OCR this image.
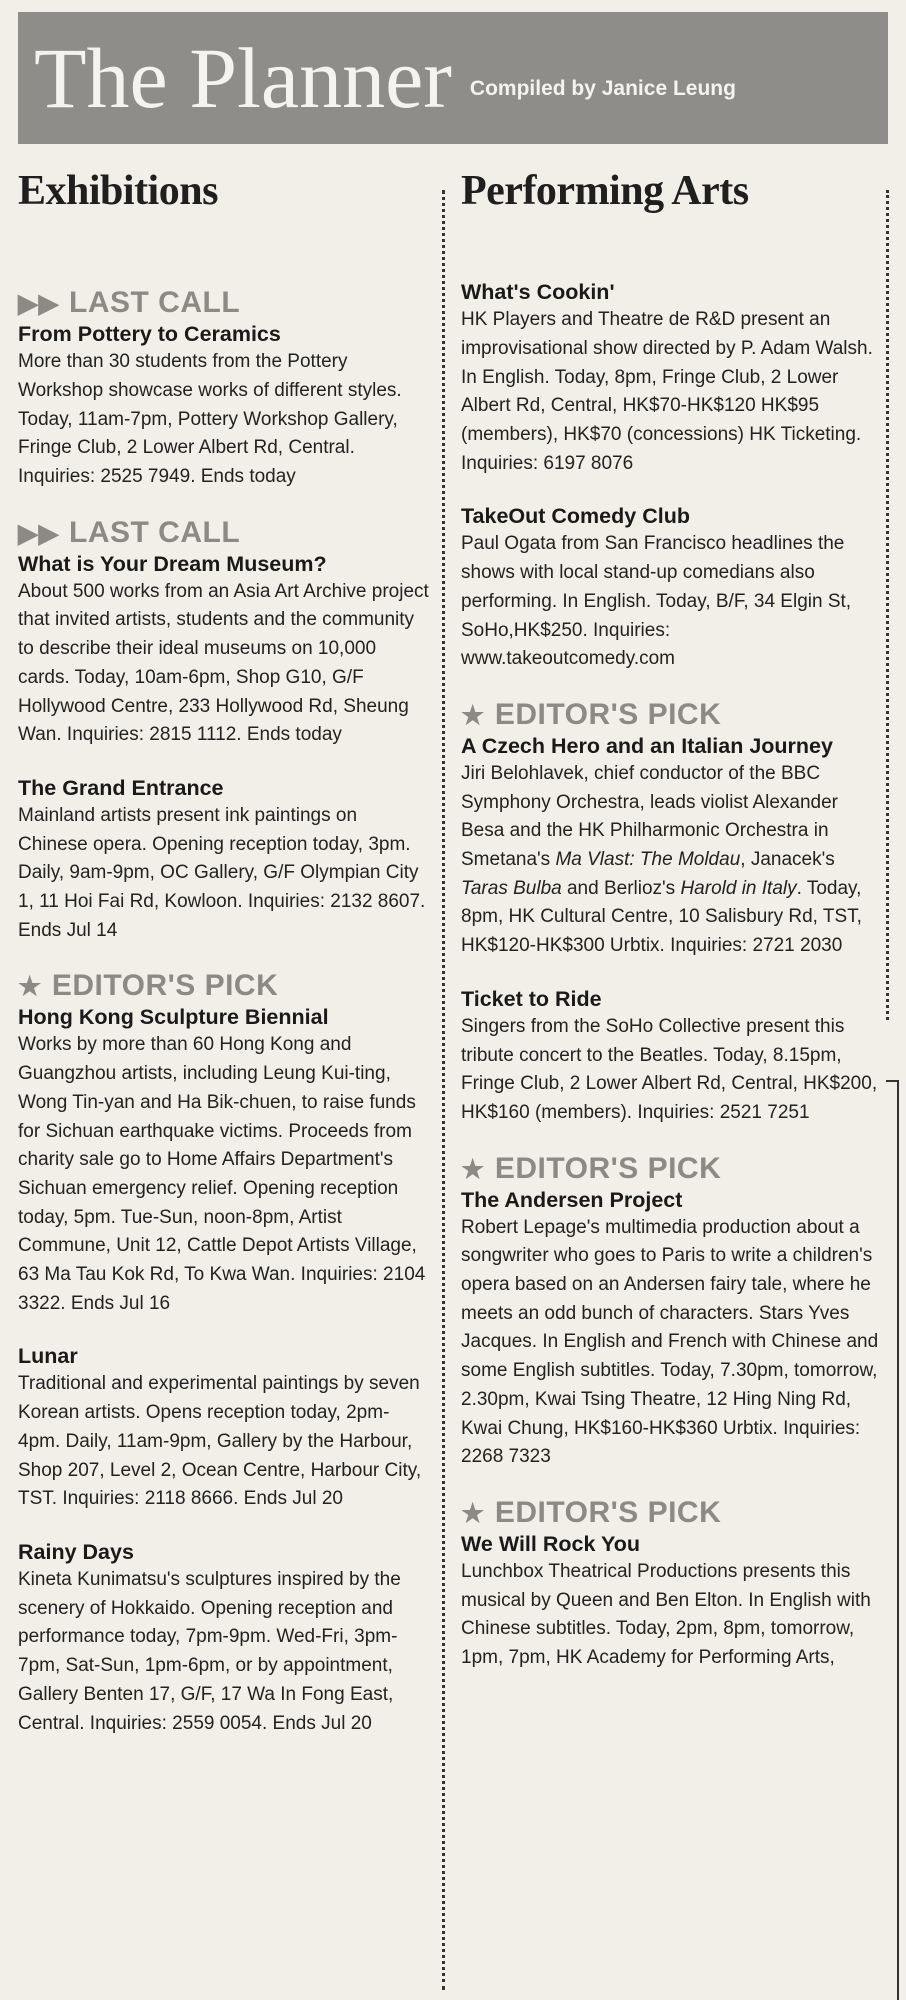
The Planner Compiled by Janice Leung
Exhibitions
▶▶ LAST CALL
From Pottery to Ceramics
More than 30 students from the Pottery Workshop showcase works of different styles. Today, 11am-7pm, Pottery Workshop Gallery, Fringe Club, 2 Lower Albert Rd, Central. Inquiries: 2525 7949. Ends today
▶▶ LAST CALL
What is Your Dream Museum?
About 500 works from an Asia Art Archive project that invited artists, students and the community to describe their ideal museums on 10,000 cards. Today, 10am-6pm, Shop G10, G/F Hollywood Centre, 233 Hollywood Rd, Sheung Wan. Inquiries: 2815 1112. Ends today
The Grand Entrance
Mainland artists present ink paintings on Chinese opera. Opening reception today, 3pm. Daily, 9am-9pm, OC Gallery, G/F Olympian City 1, 11 Hoi Fai Rd, Kowloon. Inquiries: 2132 8607. Ends Jul 14
★ EDITOR'S PICK
Hong Kong Sculpture Biennial
Works by more than 60 Hong Kong and Guangzhou artists, including Leung Kui-ting, Wong Tin-yan and Ha Bik-chuen, to raise funds for Sichuan earthquake victims. Proceeds from charity sale go to Home Affairs Department's Sichuan emergency relief. Opening reception today, 5pm. Tue-Sun, noon-8pm, Artist Commune, Unit 12, Cattle Depot Artists Village, 63 Ma Tau Kok Rd, To Kwa Wan. Inquiries: 2104 3322. Ends Jul 16
Lunar
Traditional and experimental paintings by seven Korean artists. Opens reception today, 2pm-4pm. Daily, 11am-9pm, Gallery by the Harbour, Shop 207, Level 2, Ocean Centre, Harbour City, TST. Inquiries: 2118 8666. Ends Jul 20
Rainy Days
Kineta Kunimatsu's sculptures inspired by the scenery of Hokkaido. Opening reception and performance today, 7pm-9pm. Wed-Fri, 3pm-7pm, Sat-Sun, 1pm-6pm, or by appointment, Gallery Benten 17, G/F, 17 Wa In Fong East, Central. Inquiries: 2559 0054. Ends Jul 20
Performing Arts
What's Cookin'
HK Players and Theatre de R&D present an improvisational show directed by P. Adam Walsh. In English. Today, 8pm, Fringe Club, 2 Lower Albert Rd, Central, HK$70-HK$120 HK$95 (members), HK$70 (concessions) HK Ticketing. Inquiries: 6197 8076
TakeOut Comedy Club
Paul Ogata from San Francisco headlines the shows with local stand-up comedians also performing. In English. Today, B/F, 34 Elgin St, SoHo,HK$250. Inquiries: www.takeoutcomedy.com
★ EDITOR'S PICK
A Czech Hero and an Italian Journey
Jiri Belohlavek, chief conductor of the BBC Symphony Orchestra, leads violist Alexander Besa and the HK Philharmonic Orchestra in Smetana's Ma Vlast: The Moldau, Janacek's Taras Bulba and Berlioz's Harold in Italy. Today, 8pm, HK Cultural Centre, 10 Salisbury Rd, TST, HK$120-HK$300 Urbtix. Inquiries: 2721 2030
Ticket to Ride
Singers from the SoHo Collective present this tribute concert to the Beatles. Today, 8.15pm, Fringe Club, 2 Lower Albert Rd, Central, HK$200, HK$160 (members). Inquiries: 2521 7251
★ EDITOR'S PICK
The Andersen Project
Robert Lepage's multimedia production about a songwriter who goes to Paris to write a children's opera based on an Andersen fairy tale, where he meets an odd bunch of characters. Stars Yves Jacques. In English and French with Chinese and some English subtitles. Today, 7.30pm, tomorrow, 2.30pm, Kwai Tsing Theatre, 12 Hing Ning Rd, Kwai Chung, HK$160-HK$360 Urbtix. Inquiries: 2268 7323
★ EDITOR'S PICK
We Will Rock You
Lunchbox Theatrical Productions presents this musical by Queen and Ben Elton. In English with Chinese subtitles. Today, 2pm, 8pm, tomorrow, 1pm, 7pm, HK Academy for Performing Arts,
